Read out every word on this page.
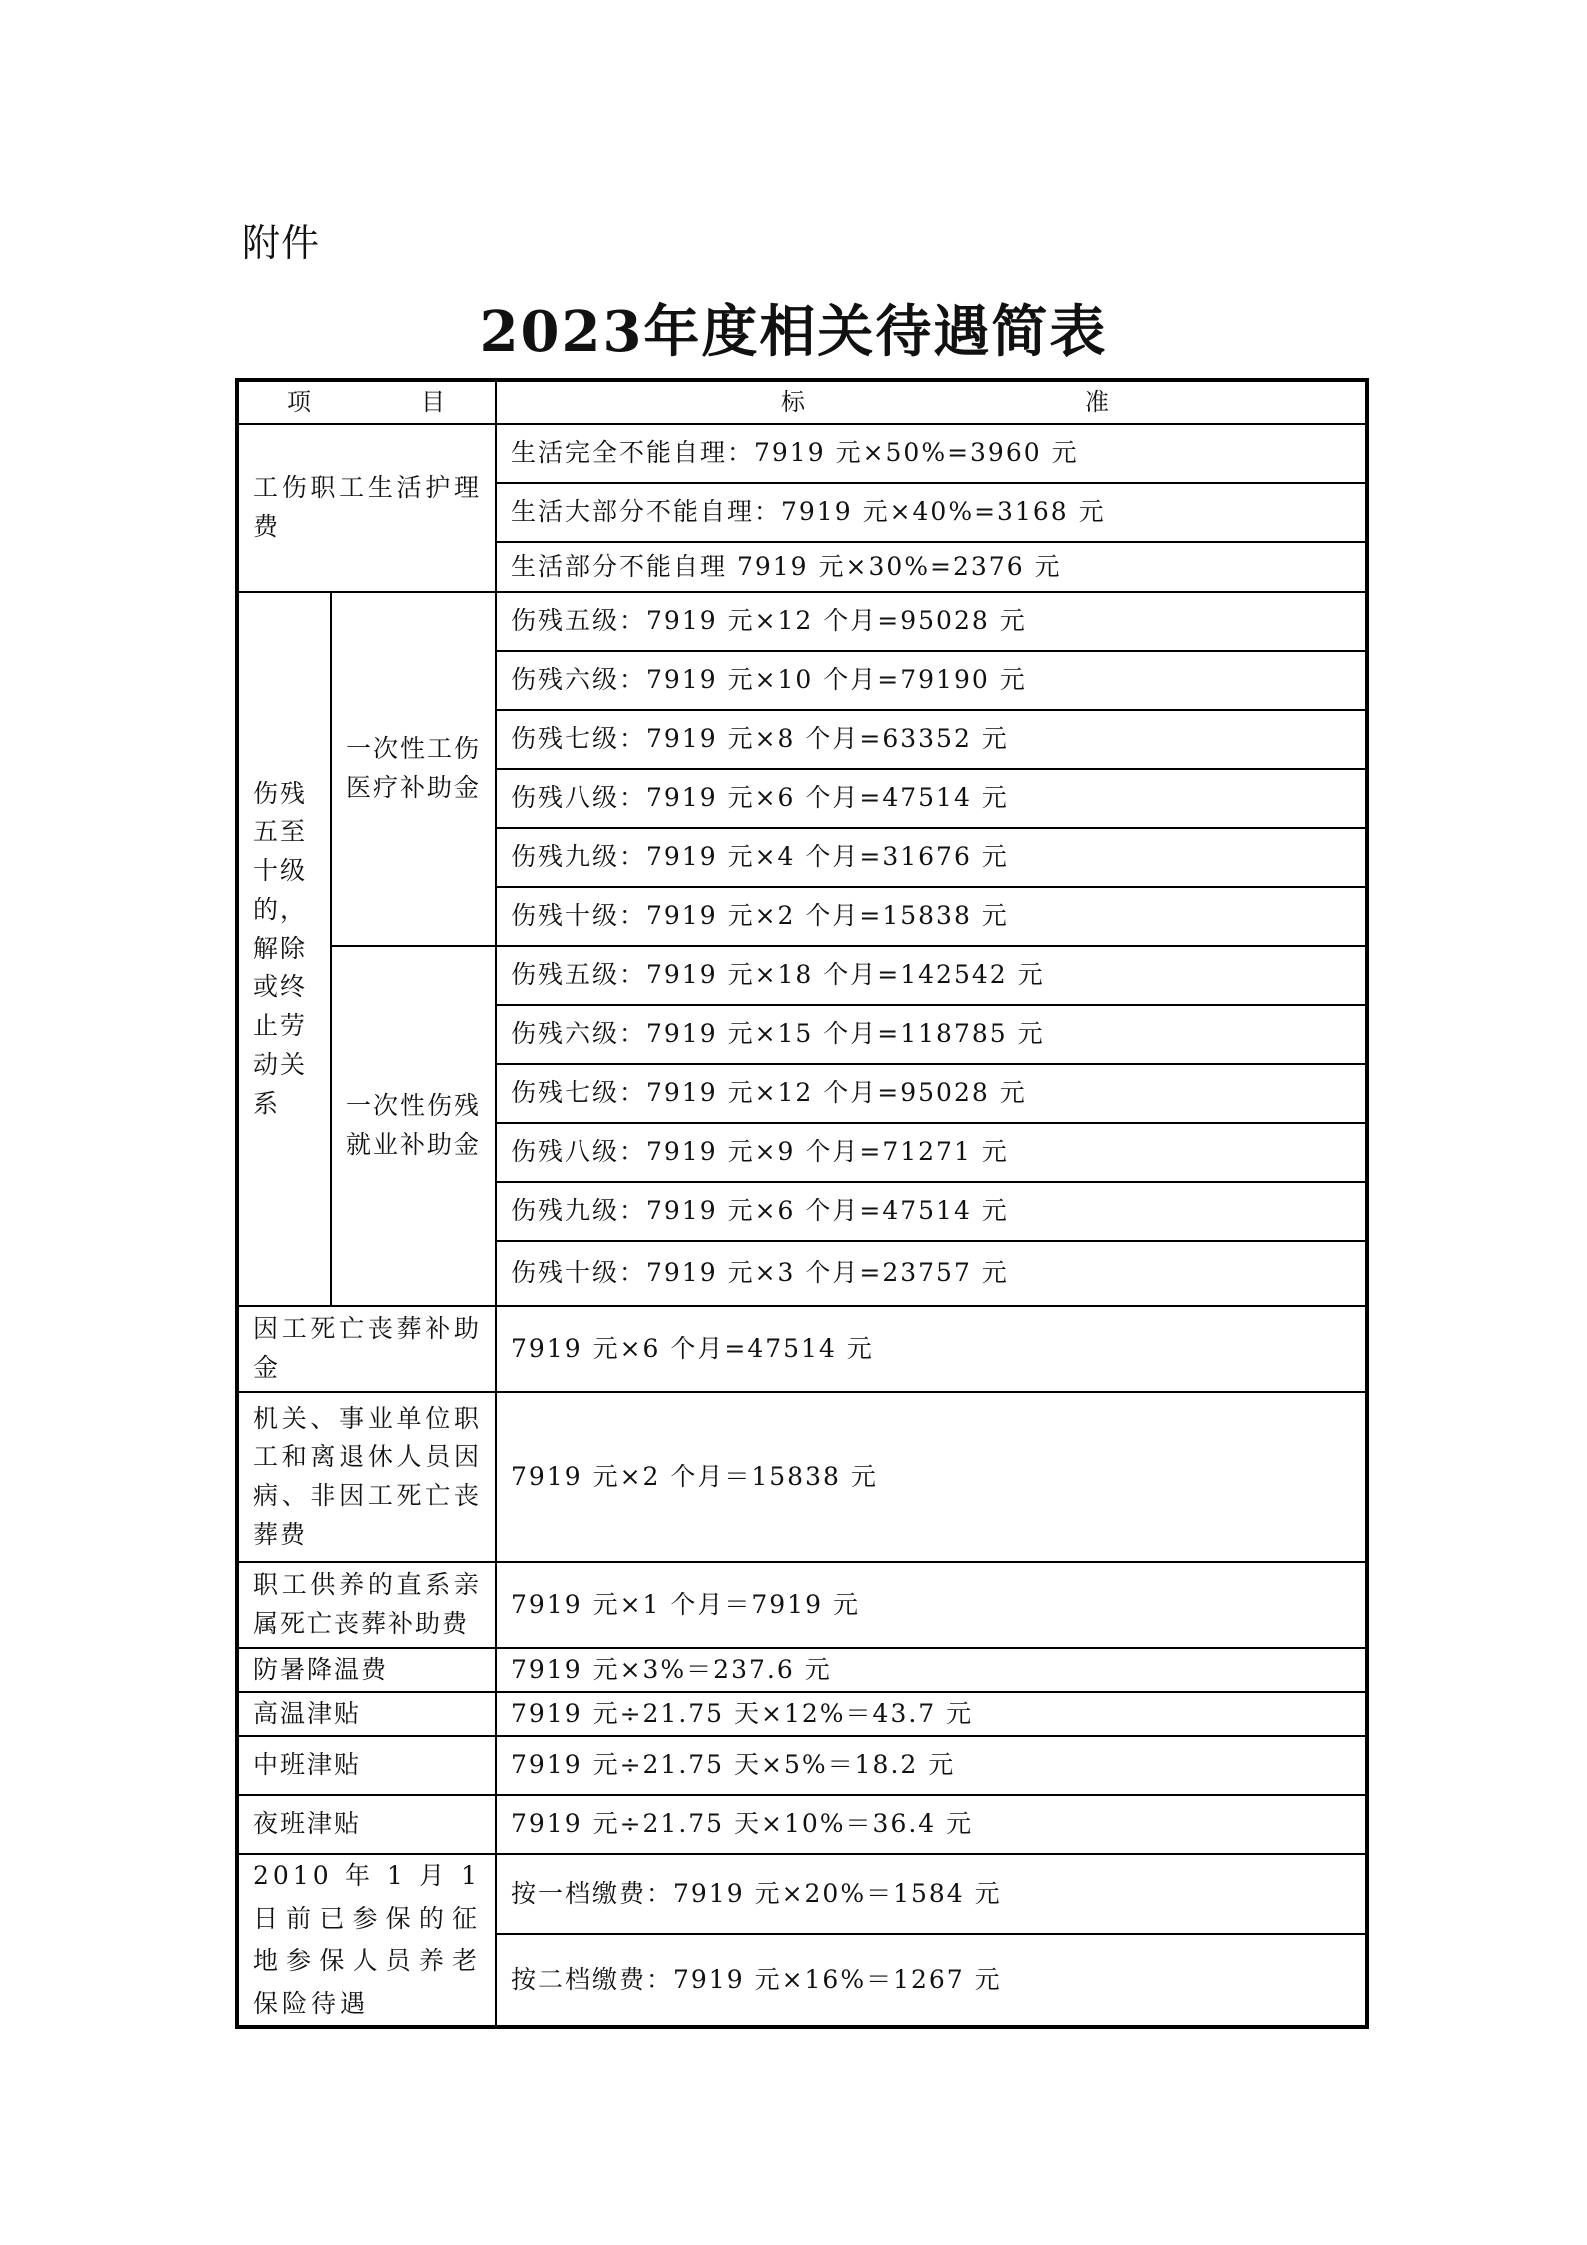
附件
2023年度相关待遇简表
项 目		标 准

工伤职工生活护理费		生活完全不能自理：7919 元×50%=3960 元
		生活大部分不能自理：7919 元×40%=3168 元
		生活部分不能自理 7919 元×30%=2376 元
伤残五至十级的，解除或终止劳动关系	一次性工伤医疗补助金	伤残五级：7919 元×12 个月=95028 元
		伤残六级：7919 元×10 个月=79190 元
		伤残七级：7919 元×8 个月=63352 元
		伤残八级：7919 元×6 个月=47514 元
		伤残九级：7919 元×4 个月=31676 元
		伤残十级：7919 元×2 个月=15838 元
	一次性伤残就业补助金	伤残五级：7919 元×18 个月=142542 元
		伤残六级：7919 元×15 个月=118785 元
		伤残七级：7919 元×12 个月=95028 元
		伤残八级：7919 元×9 个月=71271 元
		伤残九级：7919 元×6 个月=47514 元
		伤残十级：7919 元×3 个月=23757 元
因工死亡丧葬补助金		7919 元×6 个月=47514 元
机关、事业单位职工和离退休人员因病、非因工死亡丧葬费		7919 元×2 个月＝15838 元
职工供养的直系亲属死亡丧葬补助费		7919 元×1 个月＝7919 元
防暑降温费		7919 元×3%＝237.6 元
高温津贴		7919 元÷21.75 天×12%＝43.7 元
中班津贴		7919 元÷21.75 天×5%＝18.2 元
夜班津贴		7919 元÷21.75 天×10%＝36.4 元
2010 年 1 月 1 日前已参保的征地参保人员养老保险待遇		按一档缴费：7919 元×20%＝1584 元
		按二档缴费：7919 元×16%＝1267 元
